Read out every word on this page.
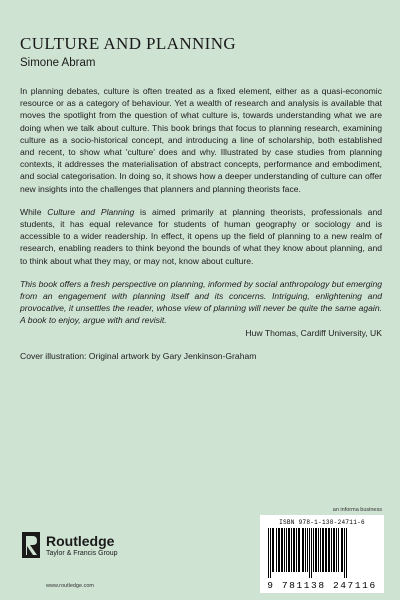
CULTURE AND PLANNING
Simone Abram

In planning debates, culture is often treated as a fixed element, either as a quasi-economic resource or as a category of behaviour. Yet a wealth of research and analysis is available that moves the spotlight from the question of what culture is, towards understanding what we are doing when we talk about culture. This book brings that focus to planning research, examining culture as a socio-historical concept, and introducing a line of scholarship, both established and recent, to show what 'culture' does and why. Illustrated by case studies from planning contexts, it addresses the materialisation of abstract concepts, performance and embodiment, and social categorisation. In doing so, it shows how a deeper understanding of culture can offer new insights into the challenges that planners and planning theorists face.

While Culture and Planning is aimed primarily at planning theorists, professionals and students, it has equal relevance for students of human geography or sociology and is accessible to a wider readership. In effect, it opens up the field of planning to a new realm of research, enabling readers to think beyond the bounds of what they know about planning, and to think about what they may, or may not, know about culture.

This book offers a fresh perspective on planning, informed by social anthropology but emerging from an engagement with planning itself and its concerns. Intriguing, enlightening and provocative, it unsettles the reader, whose view of planning will never be quite the same again. A book to enjoy, argue with and revisit.

Huw Thomas, Cardiff University, UK

Cover illustration: Original artwork by Gary Jenkinson-Graham

an informa business
ISBN 978-1-138-24711-6
9 781138 247116
Routledge
Taylor & Francis Group
www.routledge.com
